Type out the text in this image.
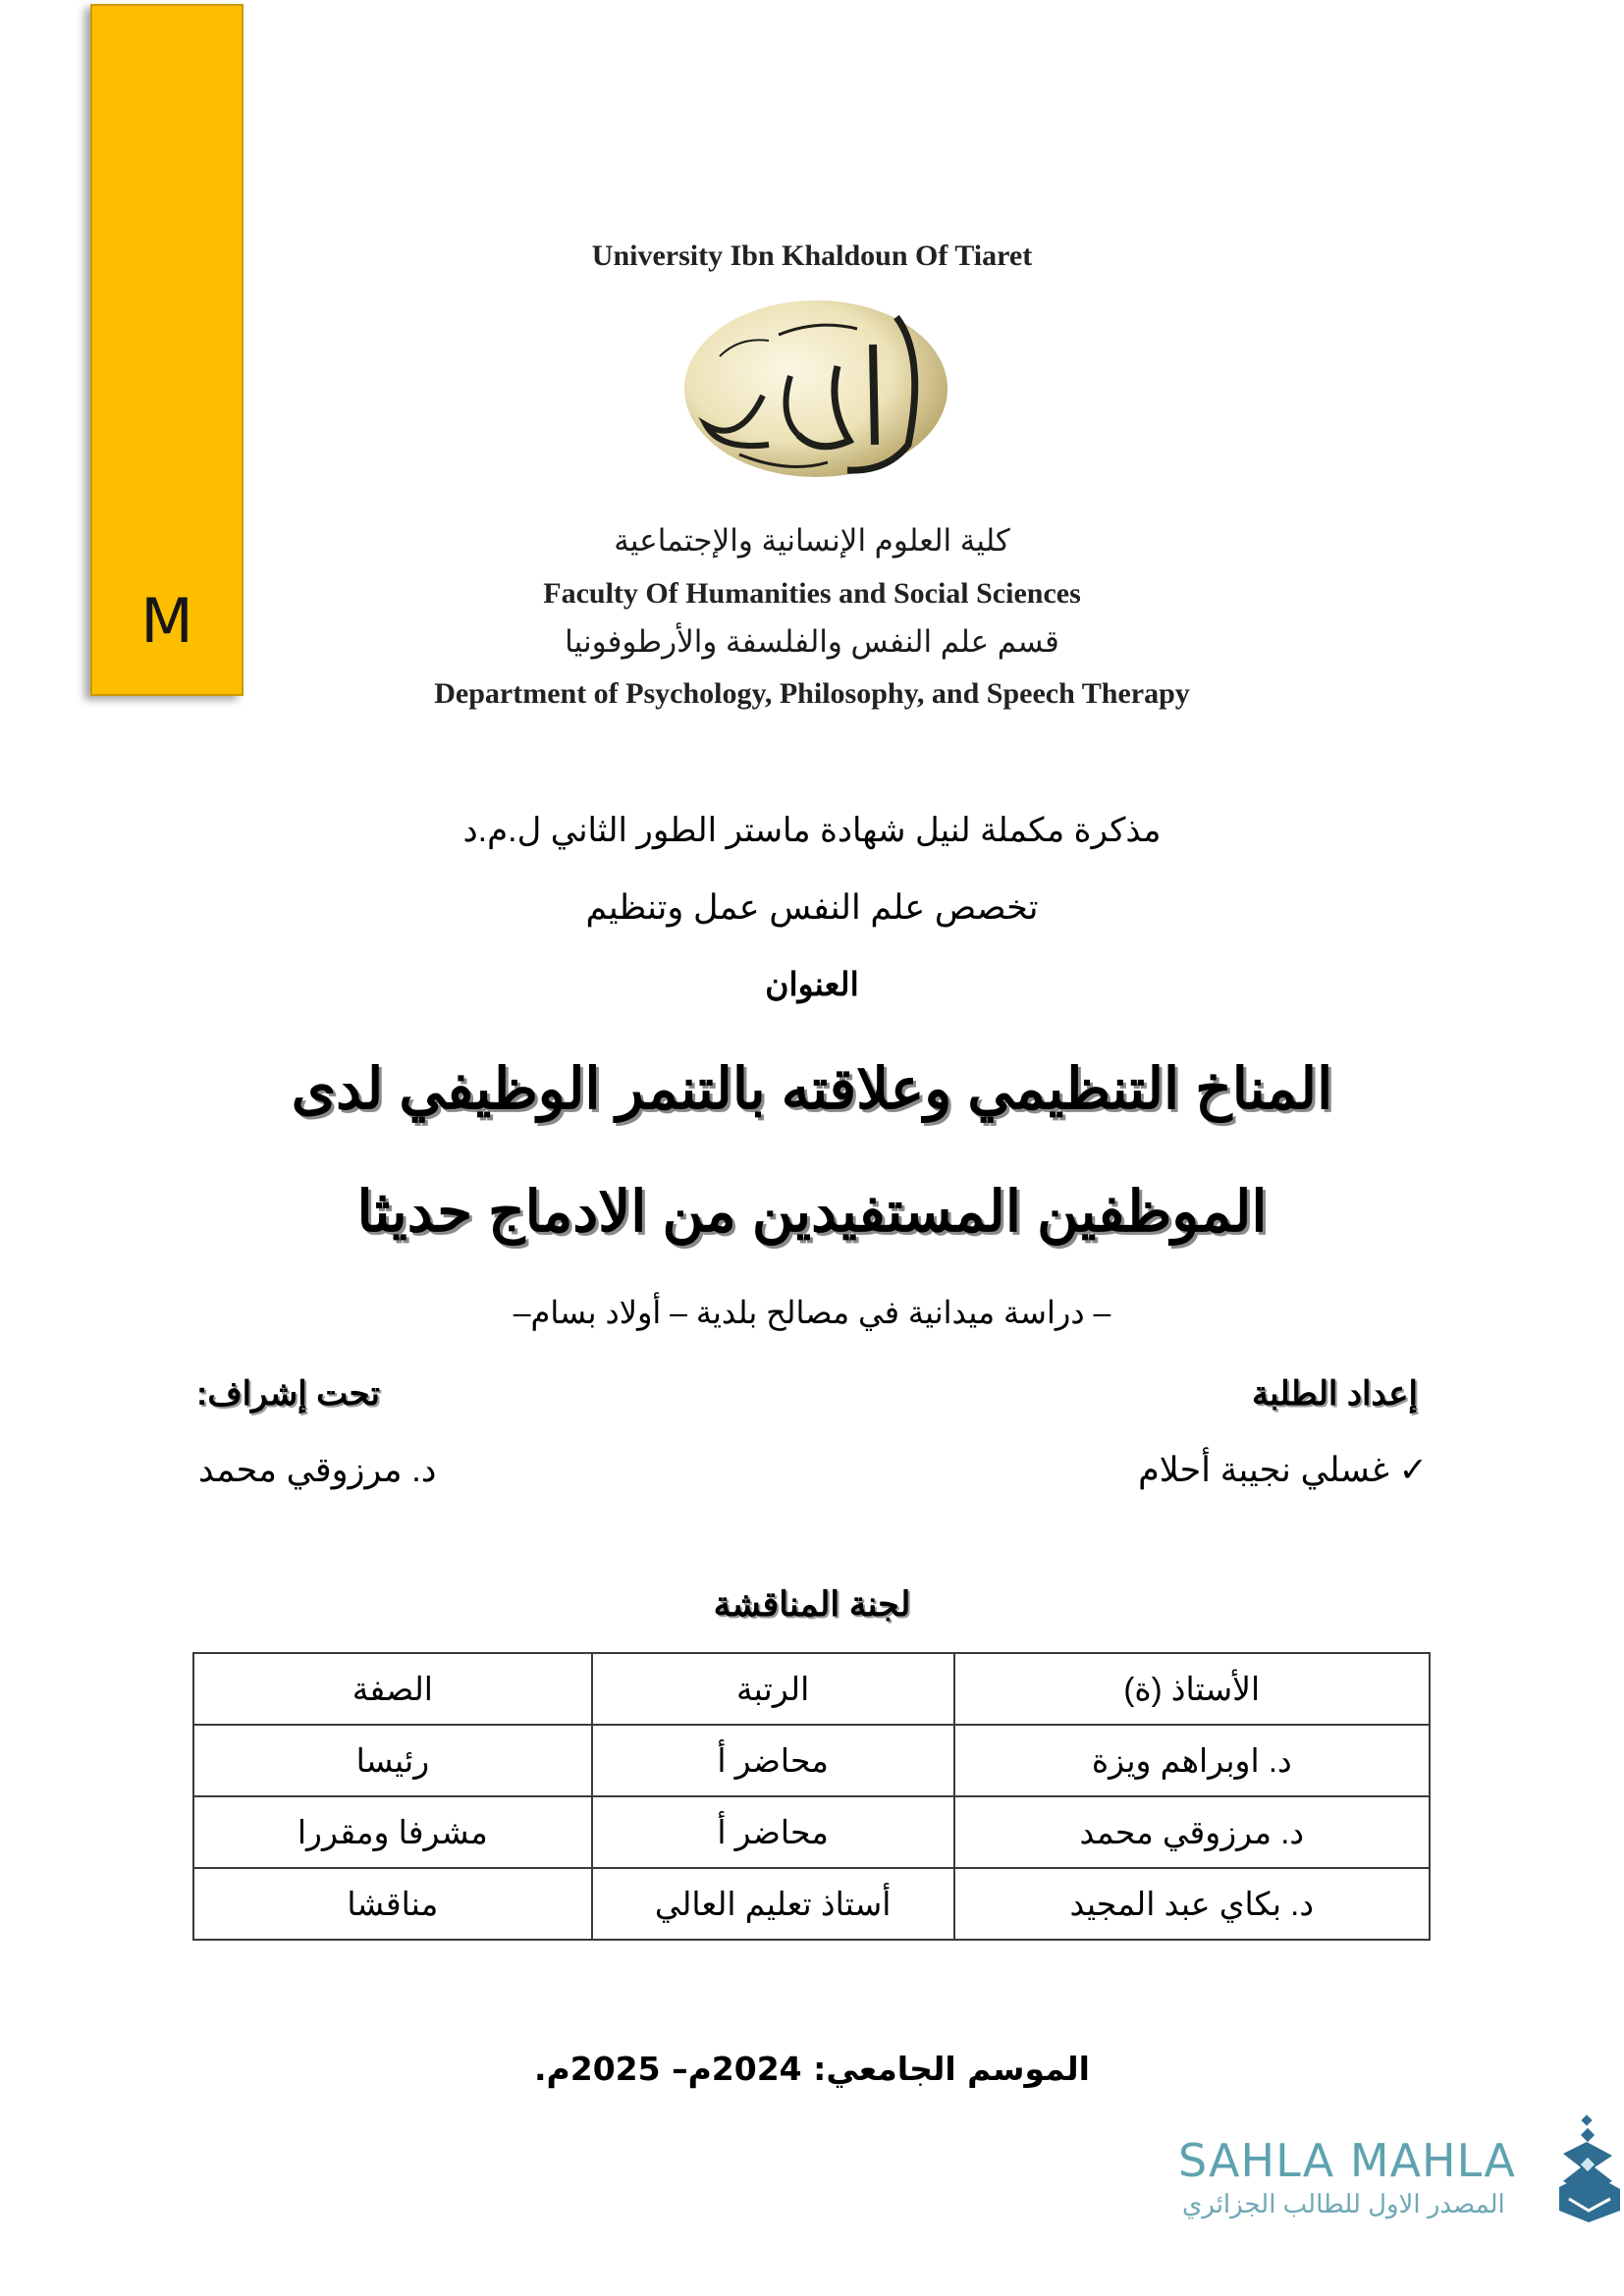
M
University Ibn Khaldoun Of Tiaret
كلية العلوم الإنسانية والإجتماعية
Faculty Of Humanities and Social Sciences
قسم علم النفس والفلسفة والأرطوفونيا
Department of Psychology, Philosophy, and Speech Therapy
مذكرة مكملة لنيل شهادة ماستر الطور الثاني ل.م.د
تخصص علم النفس عمل وتنظيم
العنوان
المناخ التنظيمي وعلاقته بالتنمر الوظيفي لدى
الموظفين المستفيدين من الادماج حديثا
– دراسة ميدانية في مصالح بلدية – أولاد بسام–
إعداد الطلبة
تحت إشراف:
✓ غسلي نجيبة أحلام
د. مرزوقي محمد
لجنة المناقشة
الأستاذ (ة)	الرتبة	الصفة
د. اوبراهم ويزة	محاضر أ	رئيسا
د. مرزوقي محمد	محاضر أ	مشرفا ومقررا
د. بكاي عبد المجيد	أستاذ تعليم العالي	مناقشا
الموسم الجامعي: 2024م– 2025م.
SAHLA MAHLA
المصدر الاول للطالب الجزائري
